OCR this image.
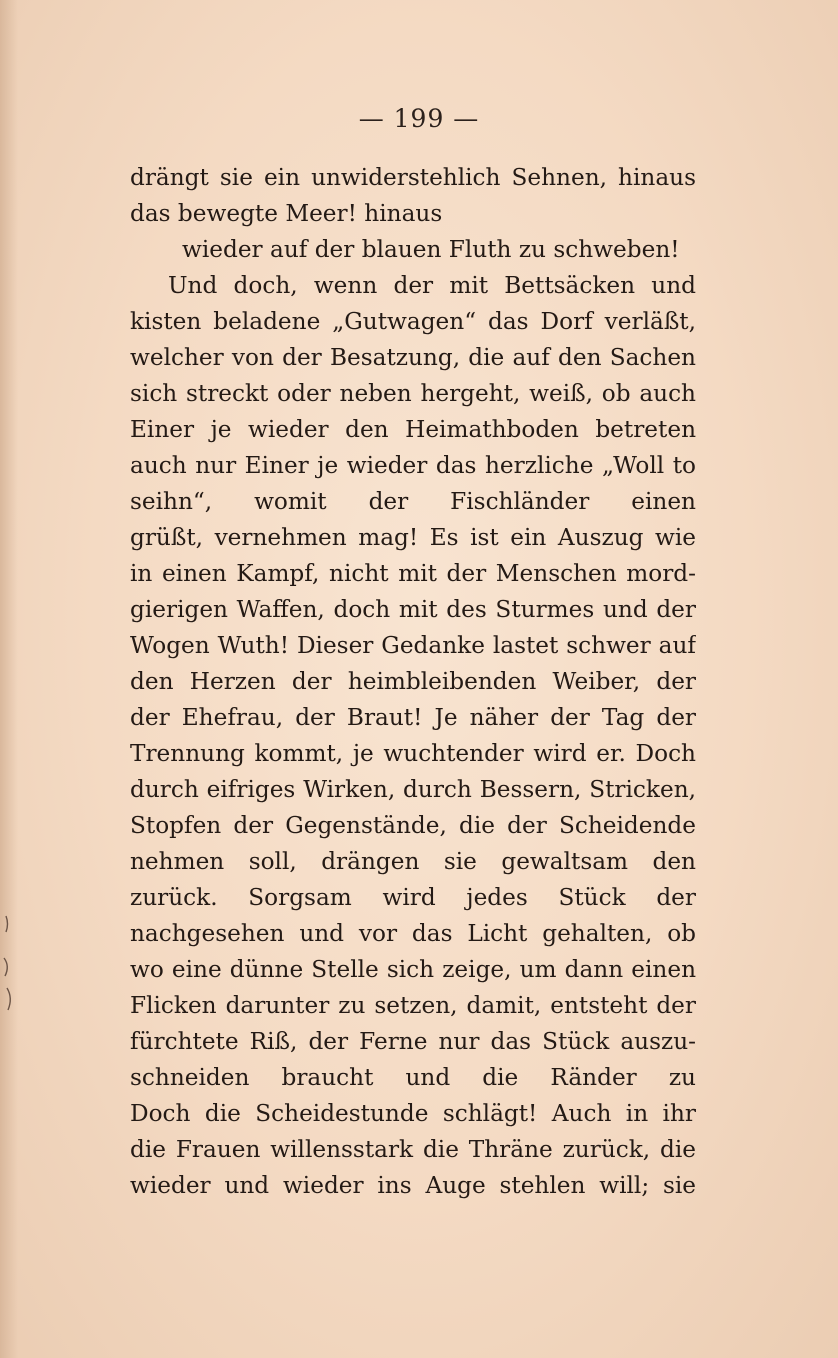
— 199 —
drängt sie ein unwiderstehlich Sehnen, hinaus
das bewegte Meer! hinaus
wieder auf der blauen Fluth zu schweben!
Und doch, wenn der mit Bettsäcken und
kisten beladene „Gutwagen“ das Dorf verläßt,
welcher von der Besatzung, die auf den Sachen
sich streckt oder neben hergeht, weiß, ob auch
Einer je wieder den Heimathboden betreten
auch nur Einer je wieder das herzliche „Woll to
seihn“, womit der Fischländer einen
grüßt, vernehmen mag! Es ist ein Auszug wie
in einen Kampf, nicht mit der Menschen mord-
gierigen Waffen, doch mit des Sturmes und der
Wogen Wuth! Dieser Gedanke lastet schwer auf
den Herzen der heimbleibenden Weiber, der
der Ehefrau, der Braut! Je näher der Tag der
Trennung kommt, je wuchtender wird er. Doch
durch eifriges Wirken, durch Bessern, Stricken,
Stopfen der Gegenstände, die der Scheidende
nehmen soll, drängen sie gewaltsam den
zurück. Sorgsam wird jedes Stück der
nachgesehen und vor das Licht gehalten, ob
wo eine dünne Stelle sich zeige, um dann einen
Flicken darunter zu setzen, damit, entsteht der
fürchtete Riß, der Ferne nur das Stück auszu-
schneiden braucht und die Ränder zu
Doch die Scheidestunde schlägt! Auch in ihr
die Frauen willensstark die Thräne zurück, die
wieder und wieder ins Auge stehlen will; sie
